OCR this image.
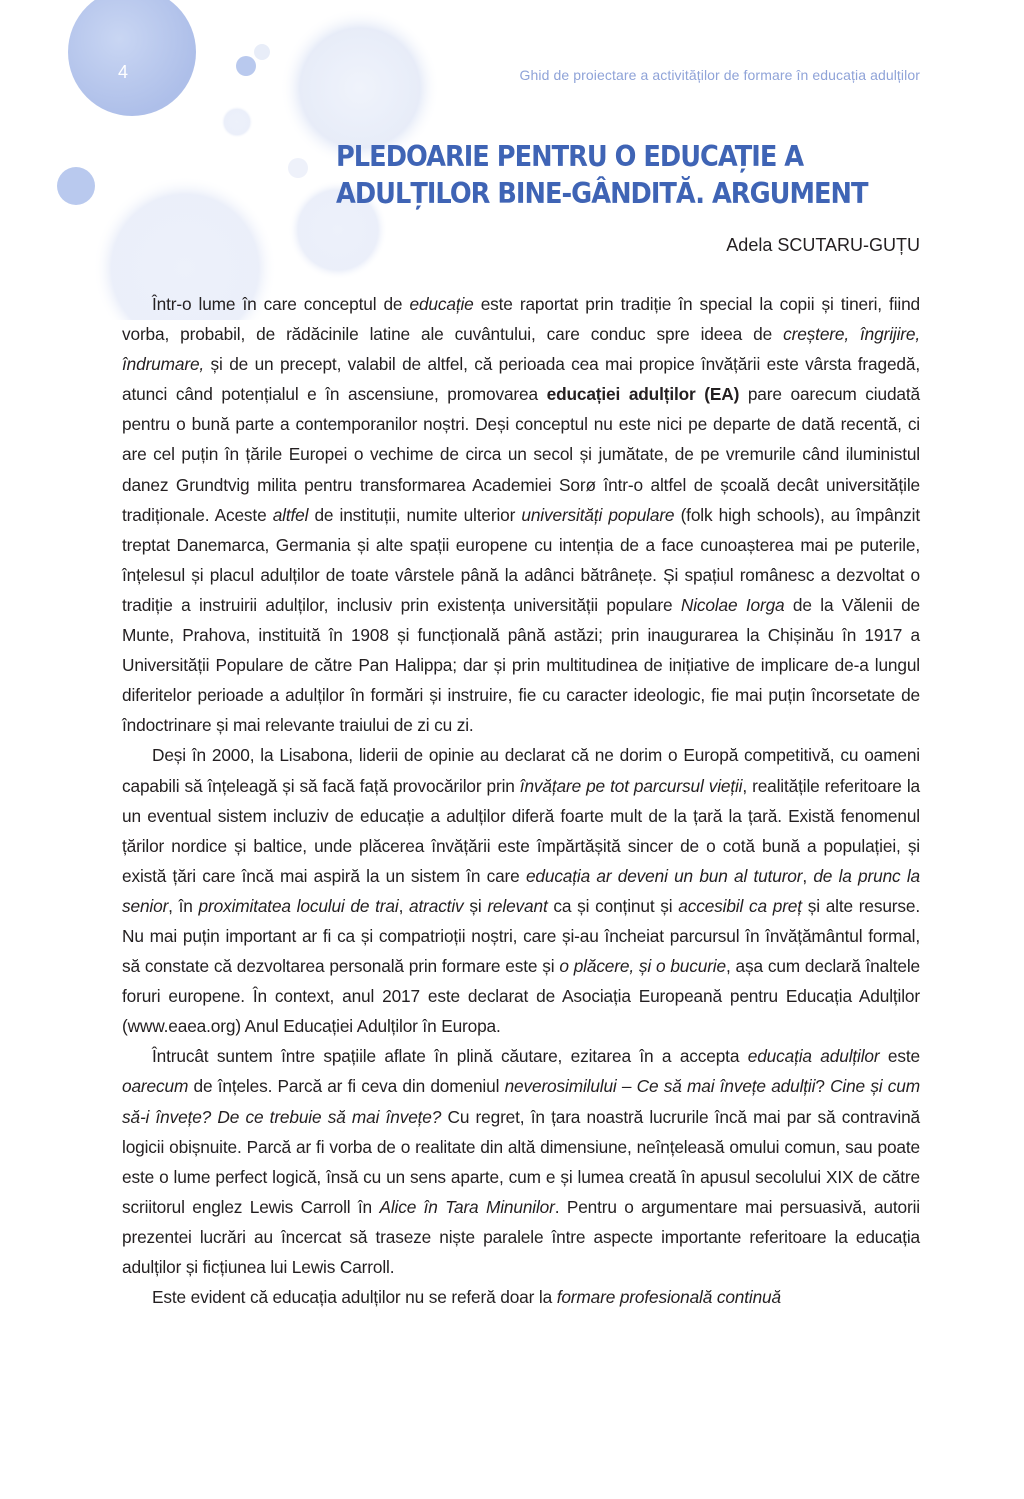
4	Ghid de proiectare a activităților de formare în educația adulților
PLEDOARIE PENTRU O EDUCAȚIE A
ADULȚILOR BINE-GÂNDITĂ. ARGUMENT
Adela SCUTARU-GUȚU

Într-o lume în care conceptul de educație este raportat prin tradiție în special la copii și tineri, fiind vorba, probabil, de rădăcinile latine ale cuvântului, care conduc spre ideea de creștere, îngrijire, îndrumare, și de un precept, valabil de altfel, că perioada cea mai propice învățării este vârsta fragedă, atunci când potențialul e în ascensiune, promovarea educației adulților (EA) pare oarecum ciudată pentru o bună parte a contemporanilor noștri. Deși conceptul nu este nici pe departe de dată recentă, ci are cel puțin în țările Europei o vechime de circa un secol și jumătate, de pe vremurile când iluministul danez Grundtvig milita pentru transformarea Academiei Sorø într-o altfel de școală decât universitățile tradiționale. Aceste altfel de instituții, numite ulterior universități populare (folk high schools), au împânzit treptat Danemarca, Germania și alte spații europene cu intenția de a face cunoașterea mai pe puterile, înțelesul și placul adulților de toate vârstele până la adânci bătrânețe. Și spațiul românesc a dezvoltat o tradiție a instruirii adulților, inclusiv prin existența universității populare Nicolae Iorga de la Vălenii de Munte, Prahova, instituită în 1908 și funcțională până astăzi; prin inaugurarea la Chișinău în 1917 a Universității Populare de către Pan Halippa; dar și prin multitudinea de inițiative de implicare de-a lungul diferitelor perioade a adulților în formări și instruire, fie cu caracter ideologic, fie mai puțin încorsetate de îndoctrinare și mai relevante traiului de zi cu zi.

Deși în 2000, la Lisabona, liderii de opinie au declarat că ne dorim o Europă competitivă, cu oameni capabili să înțeleagă și să facă față provocărilor prin învățare pe tot parcursul vieții, realitățile referitoare la un eventual sistem incluziv de educație a adulților diferă foarte mult de la țară la țară. Există fenomenul țărilor nordice și baltice, unde plăcerea învățării este împărtășită sincer de o cotă bună a populației, și există țări care încă mai aspiră la un sistem în care educația ar deveni un bun al tuturor, de la prunc la senior, în proximitatea locului de trai, atractiv și relevant ca și conținut și accesibil ca preț și alte resurse. Nu mai puțin important ar fi ca și compatrioții noștri, care și-au încheiat parcursul în învățământul formal, să constate că dezvoltarea personală prin formare este și o plăcere, și o bucurie, așa cum declară înaltele foruri europene. În context, anul 2017 este declarat de Asociația Europeană pentru Educația Adulților (www.eaea.org) Anul Educației Adulților în Europa.

Întrucât suntem între spațiile aflate în plină căutare, ezitarea în a accepta educația adulților este oarecum de înțeles. Parcă ar fi ceva din domeniul neverosimilului – Ce să mai învețe adulții? Cine și cum să-i învețe? De ce trebuie să mai învețe? Cu regret, în țara noastră lucrurile încă mai par să contravină logicii obișnuite. Parcă ar fi vorba de o realitate din altă dimensiune, neînțeleasă omului comun, sau poate este o lume perfect logică, însă cu un sens aparte, cum e și lumea creată în apusul secolului XIX de către scriitorul englez Lewis Carroll în Alice în Tara Minunilor. Pentru o argumentare mai persuasivă, autorii prezentei lucrări au încercat să traseze niște paralele între aspecte importante referitoare la educația adulților și ficțiunea lui Lewis Carroll.

Este evident că educația adulților nu se referă doar la formare profesională continuă
